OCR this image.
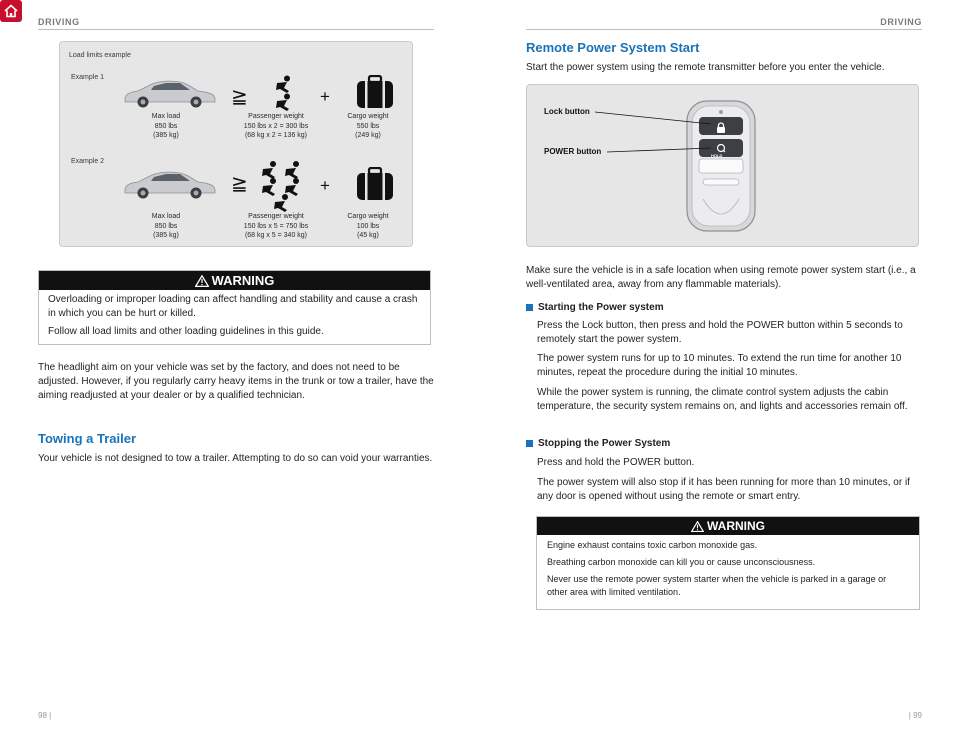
DRIVING	DRIVING
Load limits example
Example 1
≧	+
Max load
850 lbs
(385 kg)
Passenger weight
150 lbs x 2 = 300 lbs
(68 kg x 2 = 136 kg)
Cargo weight
550 lbs
(249 kg)
Example 2
≧	+
Max load
850 lbs
(385 kg)
Passenger weight
150 lbs x 5 = 750 lbs
(68 kg x 5 = 340 kg)
Cargo weight
100 lbs
(45 kg)
WARNING

Overloading or improper loading can affect handling and stability and cause a crash in which you can be hurt or killed.

Follow all load limits and other loading guidelines in this guide.

The headlight aim on your vehicle was set by the factory, and does not need to be adjusted. However, if you regularly carry heavy items in the trunk or tow a trailer, have the aiming readjusted at your dealer or by a qualified technician.
Towing a Trailer
Your vehicle is not designed to tow a trailer. Attempting to do so can void your warranties.
98 |
Remote Power System Start
Start the power system using the remote transmitter before you enter the vehicle.
HOLD
Lock button
POWER button
Make sure the vehicle is in a safe location when using remote power system start (i.e., a well-ventilated area, away from any flammable materials).
Starting the Power system
Press the Lock button, then press and hold the POWER button within 5 seconds to remotely start the power system.
The power system runs for up to 10 minutes. To extend the run time for another 10 minutes, repeat the procedure during the initial 10 minutes.
While the power system is running, the climate control system adjusts the cabin temperature, the security system remains on, and lights and accessories remain off.
Stopping the Power System
Press and hold the POWER button.
The power system will also stop if it has been running for more than 10 minutes, or if any door is opened without using the remote or smart entry.
WARNING

Engine exhaust contains toxic carbon monoxide gas.

Breathing carbon monoxide can kill you or cause unconsciousness.

Never use the remote power system starter when the vehicle is parked in a garage or other area with limited ventilation.

| 99
